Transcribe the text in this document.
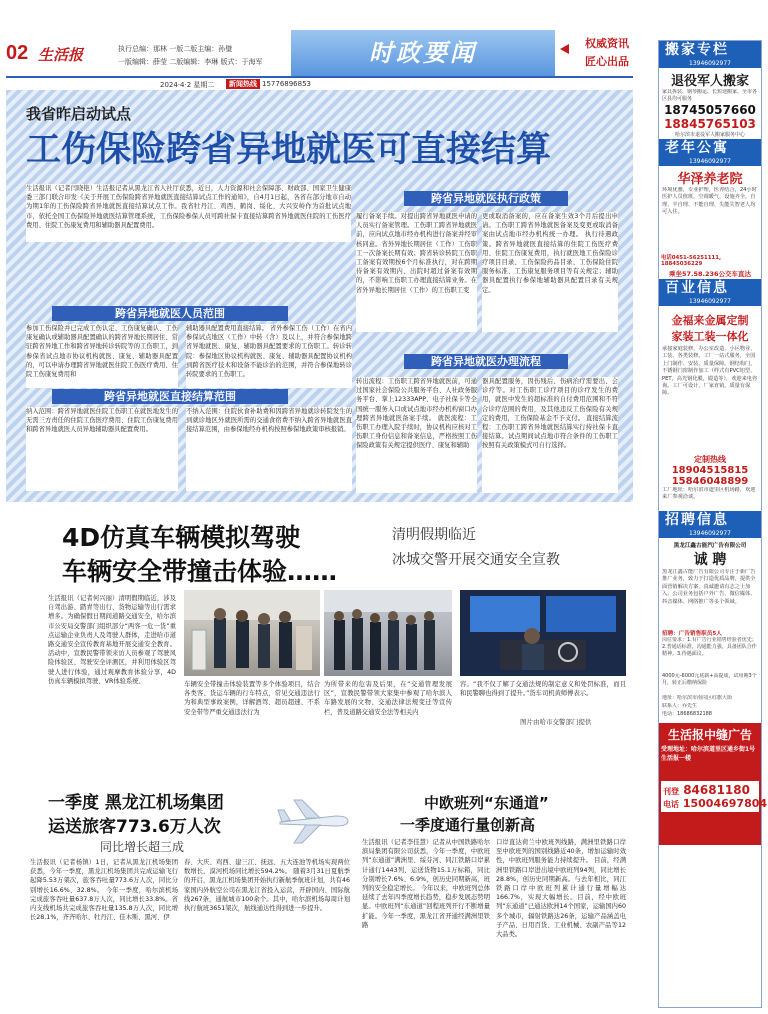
02 生活报	执行总编：那林 一版二版主编：孙璧
一版编辑：薛莹 二版编辑：李琳 版式：于海军	时政要闻	权威资讯
匠心出品
2024·4·2 星期二	新闻热线 15776896853
我省昨启动试点
工伤保险跨省异地就医可直接结算
生活报讯（记者闫晓艳）生活报记者从黑龙江省人社厅获悉，近日，人力资源和社会保障部、财政部、国家卫生健康委三部门联合印发《关于开展工伤保险跨省异地就医直接结算试点工作的通知》，自4月1日起，各省在部分地市自动为期1年的工伤保险跨省异地就医直接结算试点工作。我省牡丹江、鸡西、鹤岗、绥化、大兴安岭作为首批试点地市，依托全国工伤保险异地就医结算管理系统，工伤保险参保人员可跨社保卡直接结算跨省异地就医住院的工伤医疗费用、住院工伤康复费用和辅助器具配置费用。
跨省异地就医人员范围
参加工伤保险并已完成工伤认定、工伤康复确认、工伤康复确认或辅助器具配置确认的跨省异地长期居住、常驻跨省异地工作和跨省异地转诊转院等的工伤职工，到参保省试点地市协议机构就医、康复、辅助器具配置的，可以申请办理跨省异地就医住院工伤医疗费用、住院工伤康复费用和
辅助器具配置费用直接结算。 省外参保工伤（工作）在省内参保试点地区（工作）中转（含）及以上，并符合参保地跨省异地就医、康复、辅助器具配置要求的工伤职工。转诊转院：参保地区协议机构就医、康复、辅助器具配置协议机构到跨省医疗技术和设备不能诊治的范围，并符合参保地转诊转院要求的工伤职工。
跨省异地就医直接结算范围
纳入范围：跨省异地就医住院工伤职工在就医地发生的无需三方责任的住院工伤医疗费用、住院工伤康复费用和跨省异地就医人员异地辅助器具配置费用。
不纳入范围：住院伙食补助费和因跨省异地就诊转院发生的到就诊地区外就医所需的交通食宿费不纳入跨省异地就医直接结算范围，由参保地经办机构按照参保地政策审核报销。
跨省异地就医执行政策
履行备案手续。对提出跨省异地就医申请的人员实行备案管理。工伤职工跨省异地就医前，应向试点地市经办机构进行备案并经审核同意。省外异地长期居住（工作）工伤职工一次备案长期有效；跨省转诊转院工伤职工备案有效期按6个月标准执行，对在跨期待备案有效期内、出院时超过备案有效期的，不影响工伤职工办理直接结算业务。在省外异地长期居住（工作）的工伤职工变
更或取消备案的，应在备案生效3个月后提出申请。工伤职工跨省异地就医备案及变更或取消备案由试点地市经办机构统一办理。 执行待遇政策。跨省异地就医直接结算的住院工伤医疗费用、住院工伤康复费用，执行就医地工伤保险诊疗项目目录、工伤保险药品目录、工伤保险住院服务标准、工伤康复服务项目等有关规定；辅助器具配置执行参保地辅助器具配置目录有关规定。
跨省异地就医办理流程
转出流程：工伤职工跨省异地就医前，可通过国家社会保险公共服务平台、人社政务服务平台、掌上12333APP、电子社保卡等全国统一服务入口或试点地市经办机构窗口办理跨省异地就医备案手续。 就医流程：工伤职工办理入院手续时，协议机构应核对工伤职工身份信息和备案信息，严格按照工伤保险政策有关规定提供医疗、康复和辅助
器具配置服务，因伤残后、伤病治疗需要出、会诊疗等。对工伤职工诊疗项目的诊疗发生的费用，就医中发生的超标准的自付费用范围和不符合诊疗范围的费用，及其他违反工伤保险有关规定的费用，工伤保险基金不予支付。 直接结算流程：工伤职工跨省异地就医结算实行持社保卡直接结算。试点期间试点地市符合条件的工伤职工按照有关政策模式可自行选择。
4D仿真车辆模拟驾驶
车辆安全带撞击体验……
清明假期临近
冰城交警开展交通安全宣教
生活报讯（记者何兴丽）清明假期临近，涉及自驾出游、踏青等出行、货物运输等出行需求增多。为确保假日期间道路交通安全，哈尔滨市公安局交警部门组织部分“两客一危一货”重点运输企业负责人及驾驶人群体，走进哈市道路交通安全宣传教育基地开展交通安全教育。 活动中，宣教民警带领来访人员参观了驾驶风险体验区、驾驶安全评测区，并利用体验区驾驶人进行体验，通过观摩教育体验分享，4D仿真车辆模拟驾驶、VR体验系统、	车辆安全带撞击体验装置等多个体验项目，结合各类客、货运车辆的行车特点，常见交通违法行为和典型事故案例，详解酒驾、超员超速、不系安全带等严重交通违法行为
为所带来的危害及后果，在“交通管理发展区”，宣教民警带领大家集中参观了哈尔滨人车路发展的文物、交通法律法规变迁等宣传栏，普及道路交通安全法等相关内
容。“我不仅了解了交通法规的制定意义和处罚标准，而且和民警聊也得到了提升。”货车司机黄师傅表示。
图片由哈市交警部门提供
一季度 黑龙江机场集团
运送旅客773.6万人次
同比增长超三成
生活报讯（记者杨镇）1日，记者从黑龙江机场集团获悉，今年一季度，黑龙江机场集团共完成运输飞行起降5.53万架次，旅客吞吐量773.6万人次，同比分别增长16.6%、32.8%。 今年一季度，哈尔滨机场完成旅客吞吐量637.8万人次，同比增长33.8%。省内支线机场共完成旅客吞吐量135.8万人次，同比增长28.1%，齐齐哈尔、牡丹江、佳木斯、黑河、伊
春、大庆、鸡西、建三江、抚远、五大连池等机场实现两位数增长，漠河机场同比增长594.2%。 随着3月31日夏航季的开启，黑龙江机场集团开始执行新航季航班计划，共有46家国内外航空公司在黑龙江省投入运营，开辟国内、国际航线267条，通航城市100余个。其中，哈尔滨机场每周计划执行航班3651架次，航线通达性得到进一步提升。
中欧班列“东通道”
一季度通行量创新高
生活报讯（记者李佳慧）记者从中国铁路哈尔滨局集团有限公司获悉，今年一季度，中欧班列“东通道”满洲里、绥芬河、同江铁路口岸累计通行1443列、运送货物15.1万标箱，同比分别增长7.6%、6.9%，创历史同期新高，班列的安全稳定增长。 今年以来，中欧班列总体延续了去年四季度增长趋势，稳步发展态势明显。中欧班列“东通道”回程班列开行不断增量扩能。今年一季度，黑龙江省开通经满洲里铁路
口岸直达荷兰中欧班列线路，满洲里铁路口岸至中欧班列的国别线路近40条，增加运输时效性，中欧班列服务能力持续提升。 目前，经满洲里铁路口岸进出境中欧班列94列，同比增长28.8%，创历史同期新高。与去年相比，同江铁路口岸中欧班列累计通行量增幅达166.7%，实现大幅增长。目前，经中欧班列“东通道”已通达欧洲14个国家，运输国内60多个城市，辐射铁路达26条，运输产品涵盖电子产品、日用百货、工业机械、农副产品等12大品类。
搬家专栏
13946092977
退役军人搬家
家具拆装、钢琴搬运、长短途搬家、全市各区县均可服务
18745057660
18845765103
哈尔滨市退役军人搬家服务中心
老年公寓
13946092977
华泽养老院
环境优雅，专业护理，医养结合，24小时医护人员值班，空调暖气，设施齐全，自理、半自理、不能自理、失能失智老人均可入住。
电话0451-56251111, 18845036229
乘坐57.58.236公交车直达
百业信息
13946092977
金福来金属定制
家装工装一体化
承接家庭装修，办公室改造、小区物业、工装、各类装修。工厂一站式服务，全国上门制作、安装，质量保障。钢结构门，不锈钢门窗制作加工（样式有PVC铝型，PET，高光钢化膜，锻造等），欢迎来电咨询。工厂可设计，厂家直销，质量有保障。
定制热线
18904515815
15846048899
工厂地址：哈尔滨市道里区机场路，欢迎来厂参观洽谈。
招聘信息
13946092977
黑龙江鑫古能汽广告有限公司
诚 聘
黑龙江鑫古能广告有限公司专注于新广告推广业务，致力于打造优质品牌，提供全面营销解决方案，真诚邀请有志之士加入。公司业务包括户外广告、微信媒体、抖音媒体、网络推广等多个领域。
招聘：广告销售职员5人
岗位要求：1.有广告行业销售经验者优先；2.普通话标准，沟通能力强，具备团队合作精神。3.待遇面议。
4000元-6000元底薪+高提成，试用期3个月，转正后缴纳保险
地址：哈尔滨市南岗区红旗大街
联系人：乔先生
电话：18686832188
生活报中缝广告
受理地址：哈尔滨道里区通乡街1号生活报一楼
刊登 84681180
电话 15004697804
